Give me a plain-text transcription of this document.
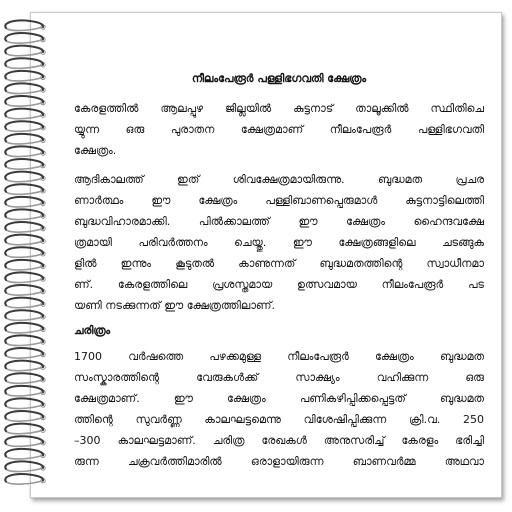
നീലംപേരൂർ പള്ളിഭഗവതി ക്ഷേത്രം
കേരളത്തിൽ ആലപ്പുഴ ജില്ലയിൽ കുട്ടനാട് താലൂക്കിൽ സ്ഥിതിചെ
യ്യുന്ന ഒരു പുരാതന ക്ഷേത്രമാണ് നീലംപേരൂർ പള്ളിഭഗവതി
ക്ഷേത്രം.
ആദികാലത്ത് ഇത് ശിവക്ഷേത്രമായിരുന്നു. ബുദ്ധമത പ്രചര
ണാർത്ഥം ഈ ക്ഷേത്രം പള്ളിബാണപ്പെരുമാൾ കുട്ടനാട്ടിലെത്തി
ബുദ്ധവിഹാരമാക്കി. പിൽക്കാലത്ത് ഈ ക്ഷേത്രം ഹൈന്ദവക്ഷേ
ത്രമായി പരിവർത്തനം ചെയ്തു. ഈ ക്ഷേത്രങ്ങളിലെ ചടങ്ങുക
ളിൽ ഇന്നും കൂടുതൽ കാണുന്നത് ബുദ്ധമതത്തിന്റെ സ്വാധീനമാ
ണ്. കേരളത്തിലെ പ്രശസ്തമായ ഉത്സവമായ നീലംപേരൂർ പട
യണി നടക്കുന്നത് ഈ ക്ഷേത്രത്തിലാണ്.
ചരിത്രം
1700 വർഷത്തെ പഴക്കമുള്ള നീലംപേരൂർ ക്ഷേത്രം ബുദ്ധമത
സംസ്കാരത്തിന്റെ വേരുകൾക്ക് സാക്ഷ്യം വഹിക്കുന്ന ഒരു
ക്ഷേത്രമാണ്. ഈ ക്ഷേത്രം പണികഴിപ്പിക്കപ്പെട്ടത് ബുദ്ധമത
ത്തിന്റെ സുവർണ്ണ കാലഘട്ടമെന്നു വിശേഷിപ്പിക്കുന്ന ക്രി.വ. 250
–300 കാലഘട്ടമാണ്. ചരിത്ര രേഖകൾ അനുസരിച്ച് കേരളം ഭരിച്ചി
രുന്ന ചക്രവർത്തിമാരിൽ ഒരാളായിരുന്ന ബാണവർമ്മ അഥവാ
